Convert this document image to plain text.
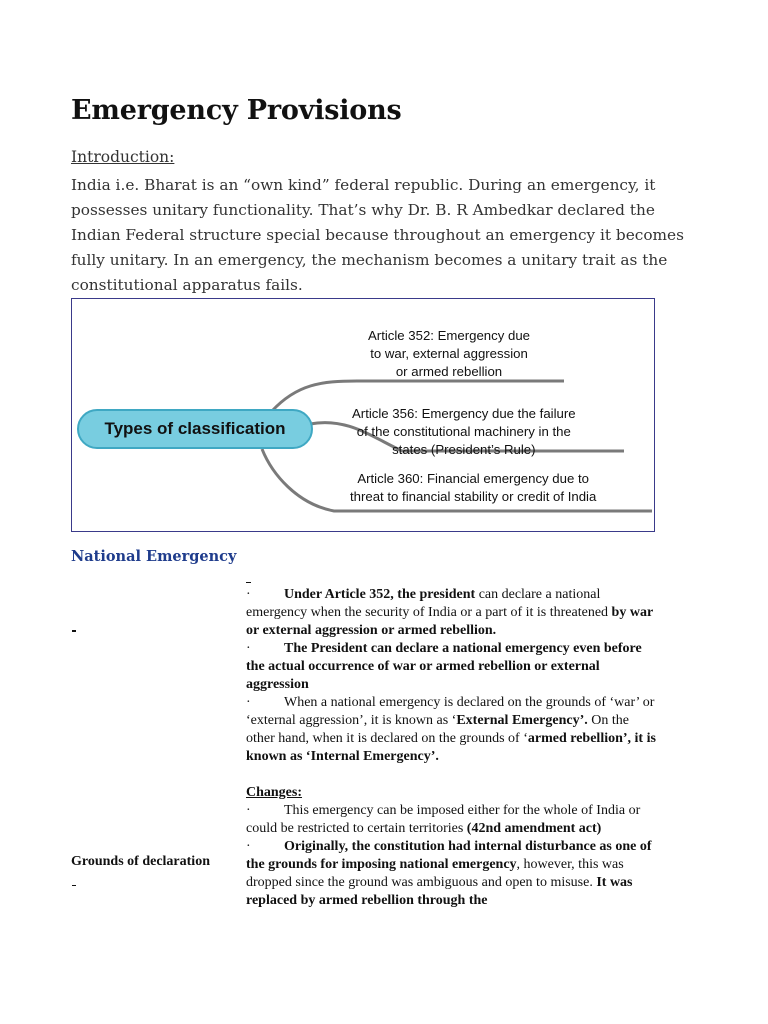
Emergency Provisions
Introduction:
India i.e. Bharat is an “own kind” federal republic. During an emergency, it possesses unitary functionality. That’s why Dr. B. R Ambedkar declared the Indian Federal structure special because throughout an emergency it becomes fully unitary. In an emergency, the mechanism becomes a unitary trait as the constitutional apparatus fails.
Types of classification
Article 352: Emergency due
to war, external aggression
or armed rebellion
Article 356: Emergency due the failure
of the constitutional machinery in the
states (President’s Rule)
Article 360: Financial emergency due to
threat to financial stability or credit of India
National Emergency
Grounds of declaration

· Under Article 352, the president can declare a national emergency when the security of India or a part of it is threatened by war or external aggression or armed rebellion.

· The President can declare a national emergency even before the actual occurrence of war or armed rebellion or external aggression

· When a national emergency is declared on the grounds of ‘war’ or ‘external aggression’, it is known as ‘External Emergency’. On the other hand, when it is declared on the grounds of ‘armed rebellion’, it is known as ‘Internal Emergency’.

Changes:

· This emergency can be imposed either for the whole of India or could be restricted to certain territories (42nd amendment act)

· Originally, the constitution had internal disturbance as one of the grounds for imposing national emergency, however, this was dropped since the ground was ambiguous and open to misuse. It was replaced by armed rebellion through the
